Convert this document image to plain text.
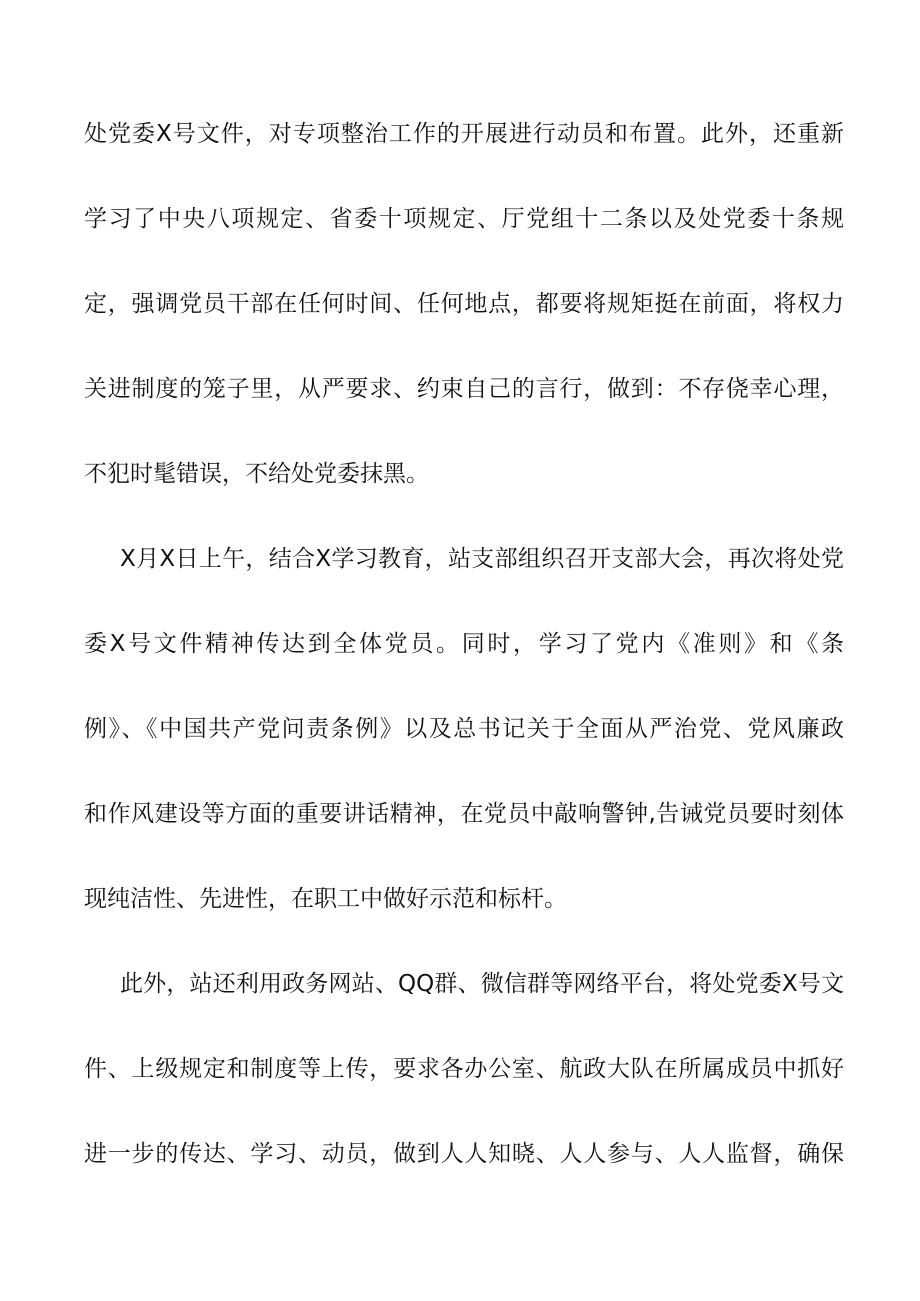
处党委X号文件，对专项整治工作的开展进行动员和布置。此外，还重新
学习了中央八项规定、省委十项规定、厅党组十二条以及处党委十条规
定，强调党员干部在任何时间、任何地点，都要将规矩挺在前面，将权力
关进制度的笼子里，从严要求、约束自己的言行，做到：不存侥幸心理，
不犯时髦错误，不给处党委抹黑。
X月X日上午，结合X学习教育，站支部组织召开支部大会，再次将处党
委X号文件精神传达到全体党员。同时，学习了党内《准则》和《条
例》、《中国共产党问责条例》以及总书记关于全面从严治党、党风廉政
和作风建设等方面的重要讲话精神，在党员中敲响警钟,告诫党员要时刻体
现纯洁性、先进性，在职工中做好示范和标杆。
此外，站还利用政务网站、QQ群、微信群等网络平台，将处党委X号文
件、上级规定和制度等上传，要求各办公室、航政大队在所属成员中抓好
进一步的传达、学习、动员，做到人人知晓、人人参与、人人监督，确保
